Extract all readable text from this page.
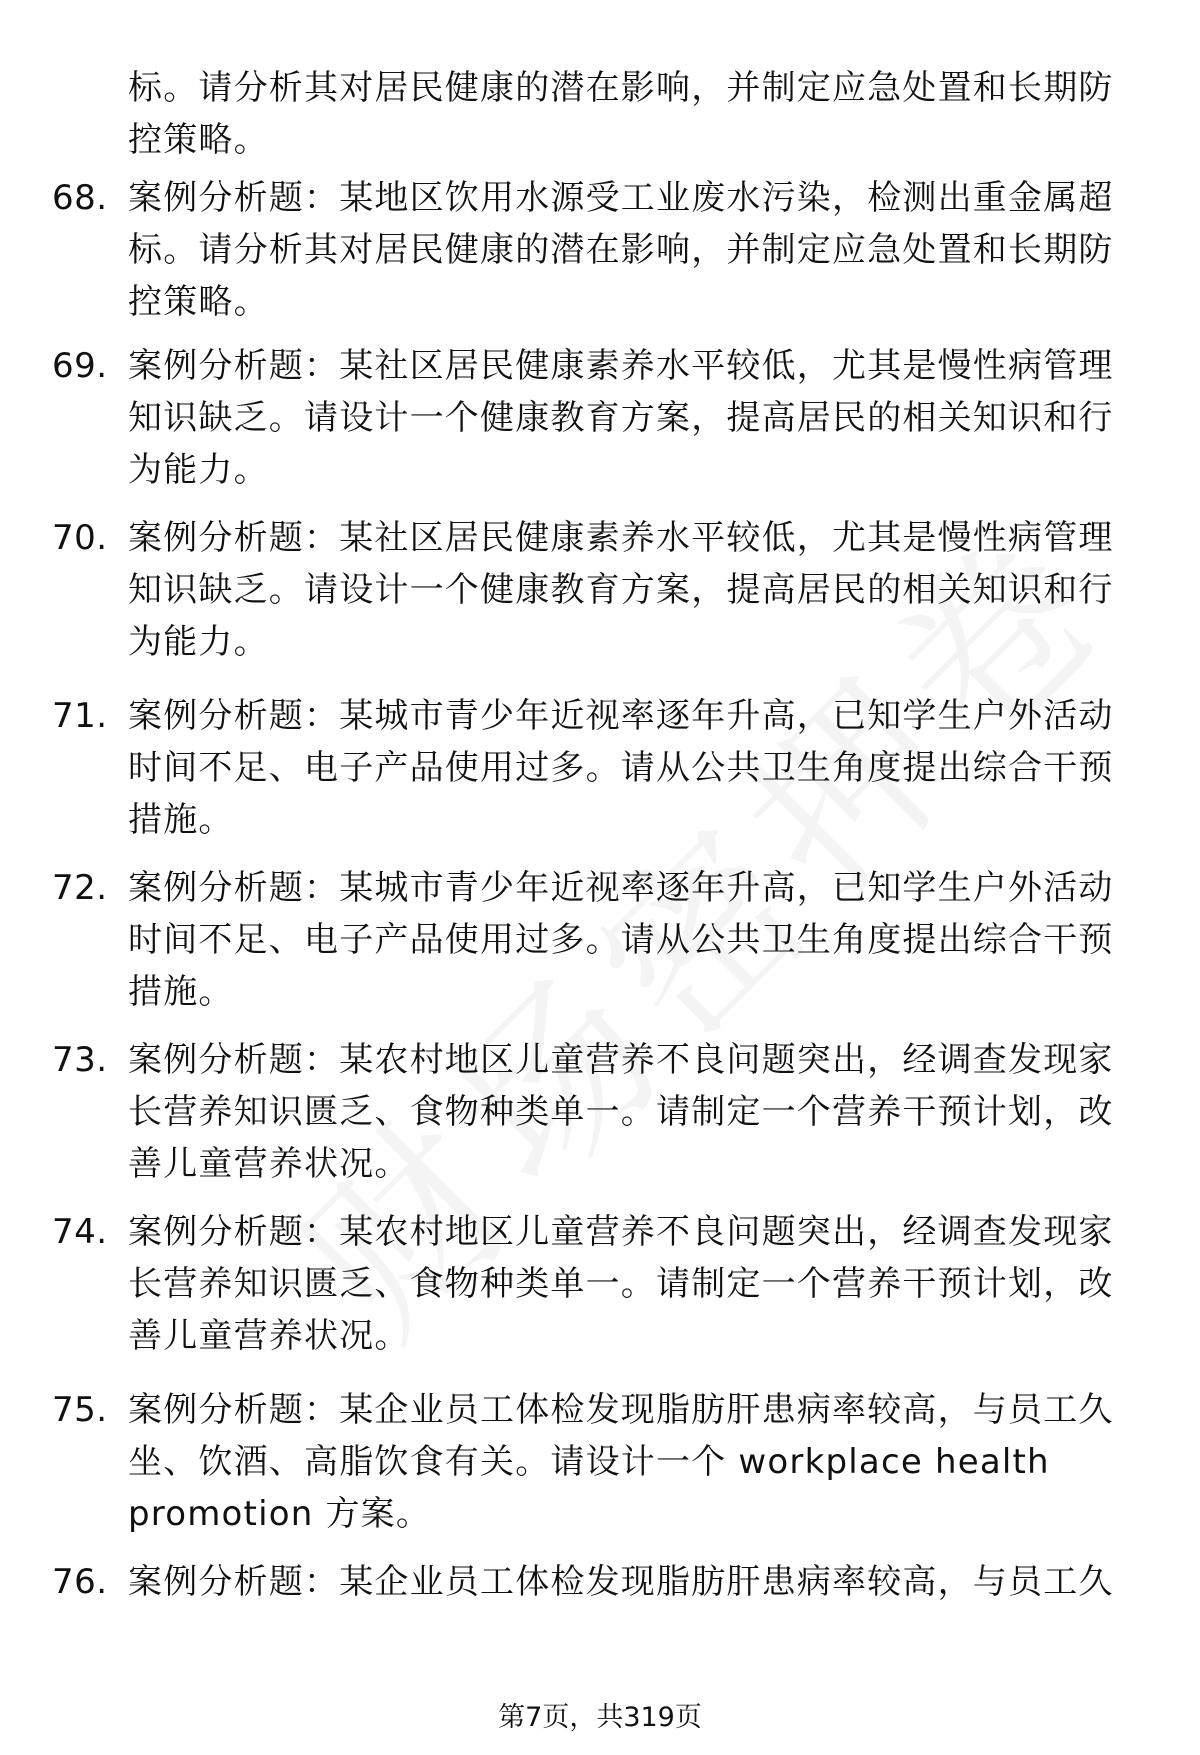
标。请分析其对居民健康的潜在影响，并制定应急处置和长期防
控策略。

68. 案例分析题：某地区饮用水源受工业废水污染，检测出重金属超
标。请分析其对居民健康的潜在影响，并制定应急处置和长期防
控策略。

69. 案例分析题：某社区居民健康素养水平较低，尤其是慢性病管理
知识缺乏。请设计一个健康教育方案，提高居民的相关知识和行
为能力。

70. 案例分析题：某社区居民健康素养水平较低，尤其是慢性病管理
知识缺乏。请设计一个健康教育方案，提高居民的相关知识和行
为能力。

71. 案例分析题：某城市青少年近视率逐年升高，已知学生户外活动
时间不足、电子产品使用过多。请从公共卫生角度提出综合干预
措施。

72. 案例分析题：某城市青少年近视率逐年升高，已知学生户外活动
时间不足、电子产品使用过多。请从公共卫生角度提出综合干预
措施。

73. 案例分析题：某农村地区儿童营养不良问题突出，经调查发现家
长营养知识匮乏、食物种类单一。请制定一个营养干预计划，改
善儿童营养状况。

74. 案例分析题：某农村地区儿童营养不良问题突出，经调查发现家
长营养知识匮乏、食物种类单一。请制定一个营养干预计划，改
善儿童营养状况。

75. 案例分析题：某企业员工体检发现脂肪肝患病率较高，与员工久
坐、饮酒、高脂饮食有关。请设计一个 workplace health
promotion 方案。

76. 案例分析题：某企业员工体检发现脂肪肝患病率较高，与员工久

第7页，共319页
